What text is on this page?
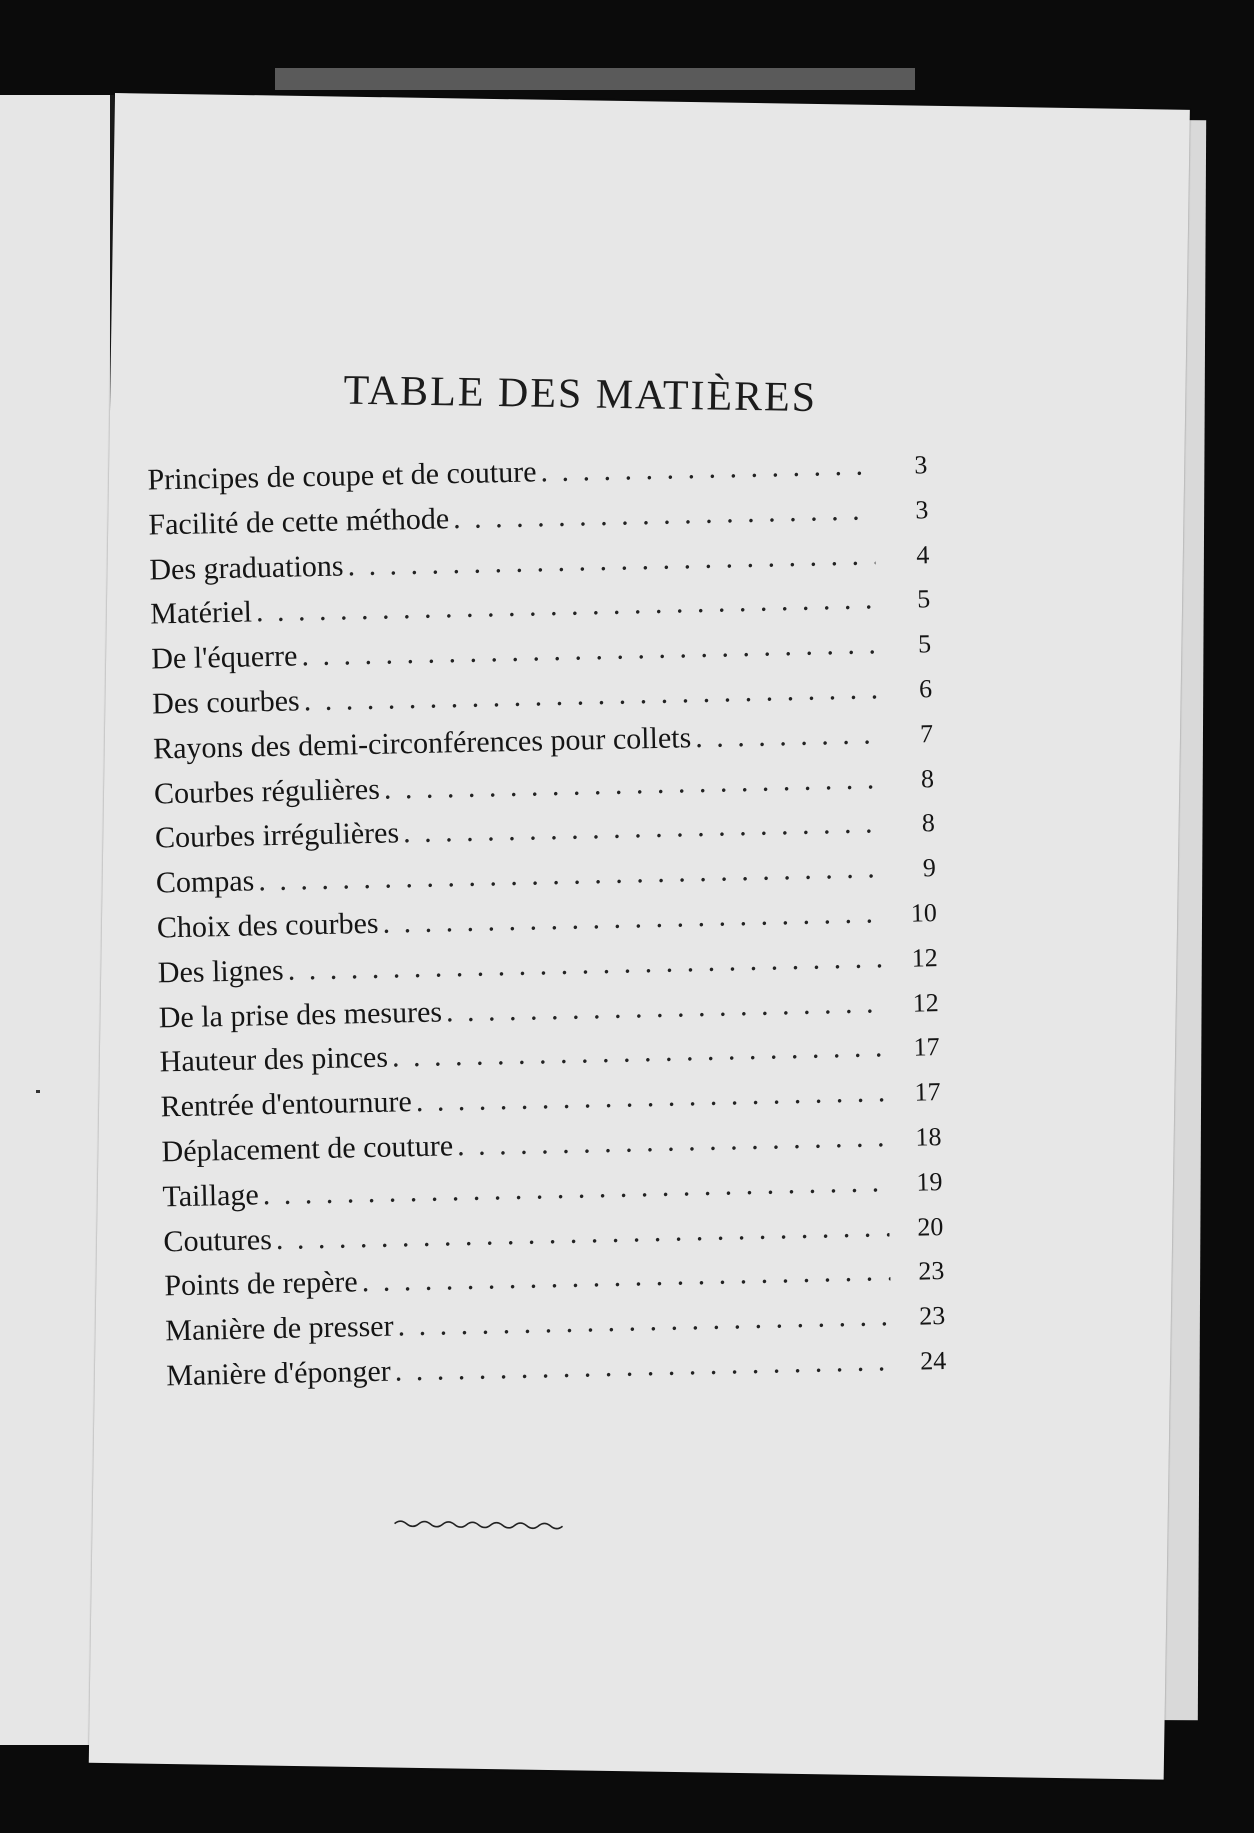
TABLE DES MATIÈRES
Principes de coupe et de couture . . .	3
Facilité de cette méthode . . .	3
Des graduations . . .	4
Matériel . . .	5
De l'équerre . . .	5
Des courbes . . .	6
Rayons des demi-circonférences pour collets . . .	7
Courbes régulières . . .	8
Courbes irrégulières . . .	8
Compas . . .	9
Choix des courbes . . .	10
Des lignes . . .	12
De la prise des mesures . . .	12
Hauteur des pinces . . .	17
Rentrée d'entournure . . .	17
Déplacement de couture . . .	18
Taillage . . .	19
Coutures . . .	20
Points de repère . . .	23
Manière de presser . . .	23
Manière d'éponger . . .	24
